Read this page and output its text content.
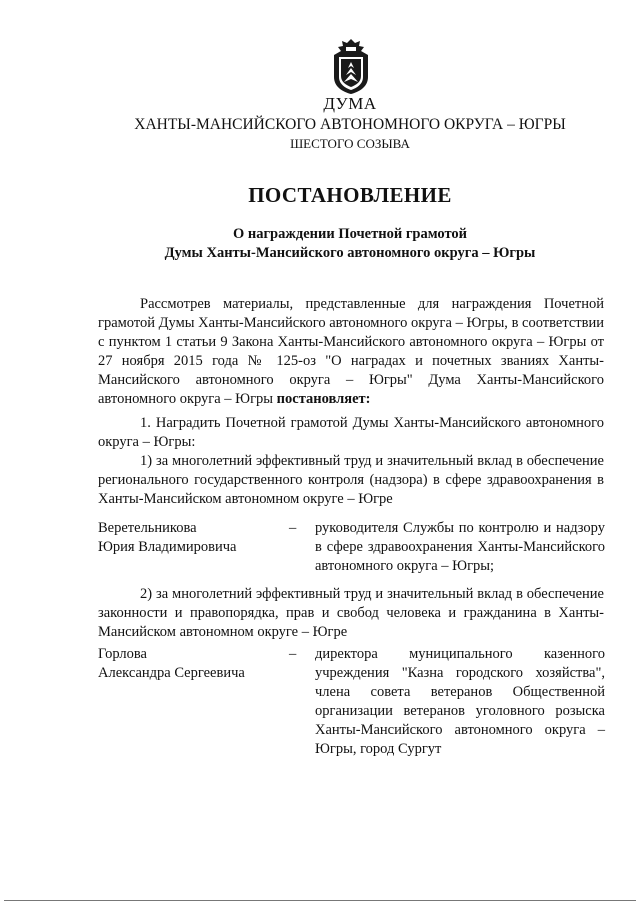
ДУМА
ХАНТЫ-МАНСИЙСКОГО АВТОНОМНОГО ОКРУГА – ЮГРЫ
ШЕСТОГО СОЗЫВА
ПОСТАНОВЛЕНИЕ
О награждении Почетной грамотой
Думы Ханты-Мансийского автономного округа – Югры
Рассмотрев материалы, представленные для награждения Почетной грамотой Думы Ханты-Мансийского автономного округа – Югры, в соответствии с пунктом 1 статьи 9 Закона Ханты-Мансийского автономного округа – Югры от 27 ноября 2015 года № 125-оз "О наградах и почетных званиях Ханты-Мансийского автономного округа – Югры" Дума Ханты-Мансийского автономного округа – Югры постановляет:
1. Наградить Почетной грамотой Думы Ханты-Мансийского автономного округа – Югры:
1) за многолетний эффективный труд и значительный вклад в обеспечение регионального государственного контроля (надзора) в сфере здравоохранения в Ханты-Мансийском автономном округе – Югре
Веретельникова
Юрия Владимировича
– руководителя Службы по контролю и надзору в сфере здравоохранения Ханты-Мансийского автономного округа – Югры;
2) за многолетний эффективный труд и значительный вклад в обеспечение законности и правопорядка, прав и свобод человека и гражданина в Ханты-Мансийском автономном округе – Югре
Горлова
Александра Сергеевича
– директора муниципального казенного учреждения "Казна городского хозяйства", члена совета ветеранов Общественной организации ветеранов уголовного розыска Ханты-Мансийского автономного округа – Югры, город Сургут
